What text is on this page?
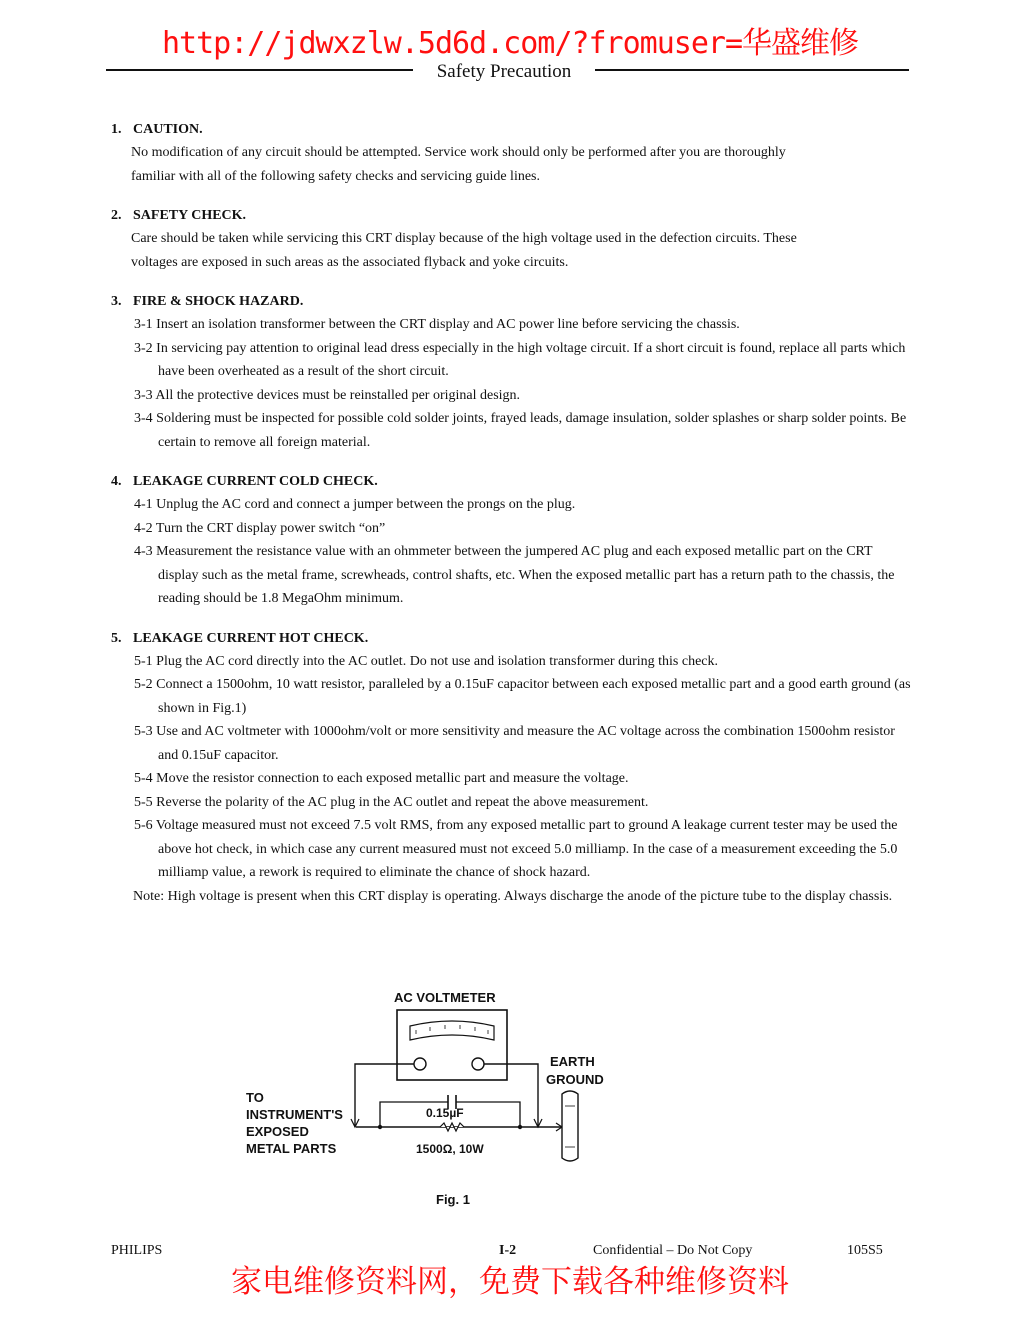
http://jdwxzlw.5d6d.com/?fromuser=华盛维修
Safety Precaution
1. CAUTION.
No modification of any circuit should be attempted. Service work should only be performed after you are thoroughly
familiar with all of the following safety checks and servicing guide lines.
2. SAFETY CHECK.
Care should be taken while servicing this CRT display because of the high voltage used in the defection circuits. These
voltages are exposed in such areas as the associated flyback and yoke circuits.
3. FIRE & SHOCK HAZARD.
3-1 Insert an isolation transformer between the CRT display and AC power line before servicing the chassis.
3-2 In servicing pay attention to original lead dress especially in the high voltage circuit. If a short circuit is found, replace all parts which have been overheated as a result of the short circuit.
3-3 All the protective devices must be reinstalled per original design.
3-4 Soldering must be inspected for possible cold solder joints, frayed leads, damage insulation, solder splashes or sharp solder points. Be certain to remove all foreign material.
4. LEAKAGE CURRENT COLD CHECK.
4-1 Unplug the AC cord and connect a jumper between the prongs on the plug.
4-2 Turn the CRT display power switch “on”
4-3 Measurement the resistance value with an ohmmeter between the jumpered AC plug and each exposed metallic part on the CRT display such as the metal frame, screwheads, control shafts, etc. When the exposed metallic part has a return path to the chassis, the reading should be 1.8 MegaOhm minimum.
5. LEAKAGE CURRENT HOT CHECK.
5-1 Plug the AC cord directly into the AC outlet. Do not use and isolation transformer during this check.
5-2 Connect a 1500ohm, 10 watt resistor, paralleled by a 0.15uF capacitor between each exposed metallic part and a good earth ground (as shown in Fig.1)
5-3 Use and AC voltmeter with 1000ohm/volt or more sensitivity and measure the AC voltage across the combination 1500ohm resistor and 0.15uF capacitor.
5-4 Move the resistor connection to each exposed metallic part and measure the voltage.
5-5 Reverse the polarity of the AC plug in the AC outlet and repeat the above measurement.
5-6 Voltage measured must not exceed 7.5 volt RMS, from any exposed metallic part to ground A leakage current tester may be used the above hot check, in which case any current measured must not exceed 5.0 milliamp. In the case of a measurement exceeding the 5.0 milliamp value, a rework is required to eliminate the chance of shock hazard.
Note: High voltage is present when this CRT display is operating. Always discharge the anode of the picture tube to the display chassis.
AC VOLTMETER
0.15µF
1500Ω, 10W
EARTH
GROUND
TO
INSTRUMENT'S
EXPOSED
METAL PARTS
Fig. 1
PHILIPS	I-2	Confidential – Do Not Copy	105S5
家电维修资料网，免费下载各种维修资料
